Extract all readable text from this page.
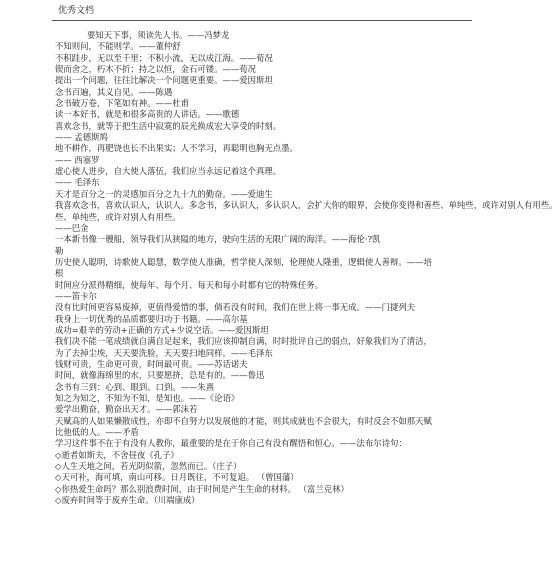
优秀文档
要知天下事，须读先人书。——冯梦龙
不知则问，不能则学。——董仲舒
不积跬步，无以至千里；不积小流，无以成江海。——荀况
锲而舍之，朽木不折；持之以恒，金石可镂。——荀况
提出一个问题，往往比解决一个问题更重要。——爱因斯坦
念书百遍，其义自见。——陈遇
念书破万卷，下笔如有神。——杜甫
读一本好书，就是和很多高贵的人讲话。——歌德
喜欢念书，就等于把生活中寂寞的辰光换成宏大享受的时刻。
—— 孟德斯鸠
地不耕作，再肥饶也长不出果实；人不学习，再聪明也胸无点墨。
—— 西塞罗
虚心使人进步，自大使人落伍，我们应当永远记着这个真理。
—— 毛泽东
天才是百分之一的灵感加百分之九十九的勤奋。——爱迪生
我喜欢念书，喜欢认识人，认识人。多念书，多认识人，多认识人，会扩大你的眼界，会使你变得和善些、单纯些，或许对别人有用些。
些、单纯些，或许对别人有用些。
——巴金
一本新书像一艘船，领导我们从狭隘的地方，驶向生活的无限广阔的海洋。——海伦·?凯
勒
历史使人聪明，诗歌使人聪慧，数学使人准确，哲学使人深刻，伦理使人隆重，逻辑使人善辩。——培
根
时间应分派得精细，使每年、每个月、每天和每小时都有它的特殊任务。
——笛卡尔
没有比时间更容易废掉，更值得爱惜的事，倘若没有时间，我们在世上将一事无成。——门捷列夫
我身上一切优秀的品质都要归功于书籍。——高尔基
成功=艰辛的劳动+正确的方式+少说空话。——爱因斯坦
我们决不能一笔成绩就自满自足起来，我们应该抑制自满，时时批评自己的弱点，好象我们为了清洁，
为了去掉尘埃，天天要洗脸，天天要扫地同样。——毛泽东
钱财可贵，生命更可贵，时间最可贵。——苏话诺夫
时间，就像海绵里的水，只要愿挤，总是有的。——鲁迅
念书有三到：心到、眼到、口到。——朱熹
知之为知之，不知为不知，是知也。——《论语》
爱学出勤奋，勤奋出天才。——郭沫若
天赋高的人如果懒散成性，亦即不自努力以发展他的才能，则其成就也不会很大，有时反会不如那天赋
比他低的人。——矛盾
学习这件事不在于有没有人教你，最重要的是在于你自己有没有醒悟和恒心。——法布尔诗句：
◇逝者如斯夫，不舍昼夜《孔子》
◇人生天地之间，若光阴似箭，忽然而已。（庄子）
◇天可补，海可填，南山可移。日月既往，不可复追。 （曾国藩）
◇你热爱生命吗？那么别浪费时间，由于时间是产生生命的材料。 （富兰克林）
◇废弃时间等于废弃生命。（川端康成）
